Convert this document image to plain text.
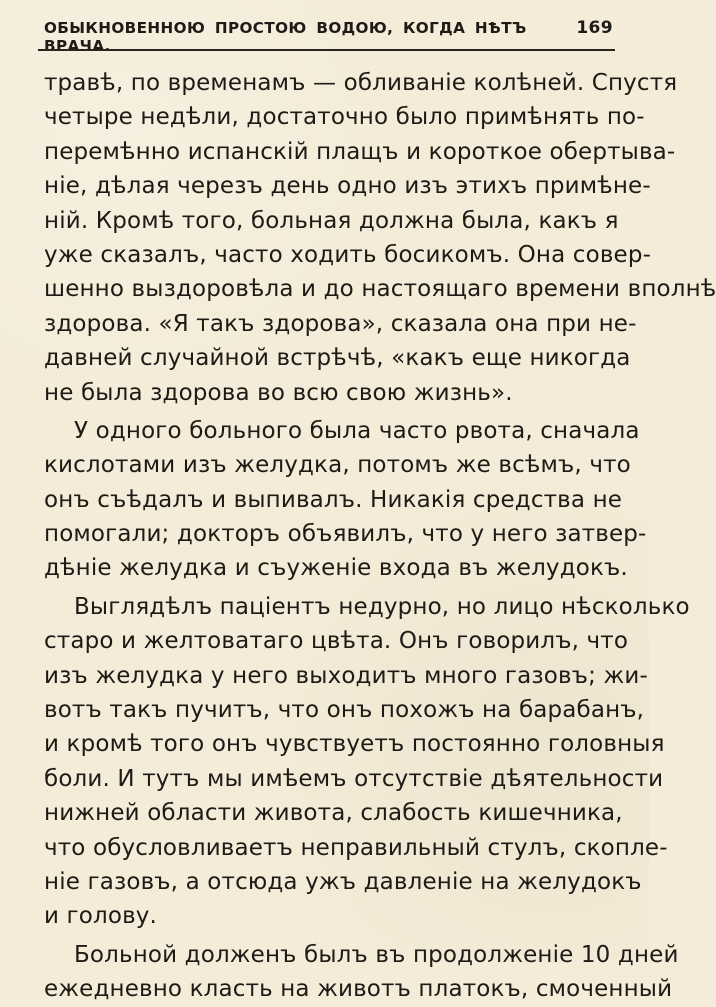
ОБЫКНОВЕННОЮ ПРОСТОЮ ВОДОЮ, КОГДА НѢТЪ ВРАЧА.
169
травѣ, по временамъ — обливаніе колѣней. Спустя
четыре недѣли, достаточно было примѣнять по-
перемѣнно испанскій плащъ и короткое обертыва-
ніе, дѣлая черезъ день одно изъ этихъ примѣне-
ній. Кромѣ того, больная должна была, какъ я
уже сказалъ, часто ходить босикомъ. Она совер-
шенно выздоровѣла и до настоящаго времени вполнѣ
здорова. «Я такъ здорова», сказала она при не-
давней случайной встрѣчѣ, «какъ еще никогда
не была здорова во всю свою жизнь».
У одного больного была часто рвота, сначала
кислотами изъ желудка, потомъ же всѣмъ, что
онъ съѣдалъ и выпивалъ. Никакія средства не
помогали; докторъ объявилъ, что у него затвер-
дѣніе желудка и съуженіе входа въ желудокъ.
Выглядѣлъ паціентъ недурно, но лицо нѣсколько
старо и желтоватаго цвѣта. Онъ говорилъ, что
изъ желудка у него выходитъ много газовъ; жи-
вотъ такъ пучитъ, что онъ похожъ на барабанъ,
и кромѣ того онъ чувствуетъ постоянно головныя
боли. И тутъ мы имѣемъ отсутствіе дѣятельности
нижней области живота, слабость кишечника,
что обусловливаетъ неправильный стулъ, скопле-
ніе газовъ, а отсюда ужъ давленіе на желудокъ
и голову.
Больной долженъ былъ въ продолженіе 10 дней
ежедневно класть на животъ платокъ, смоченный
